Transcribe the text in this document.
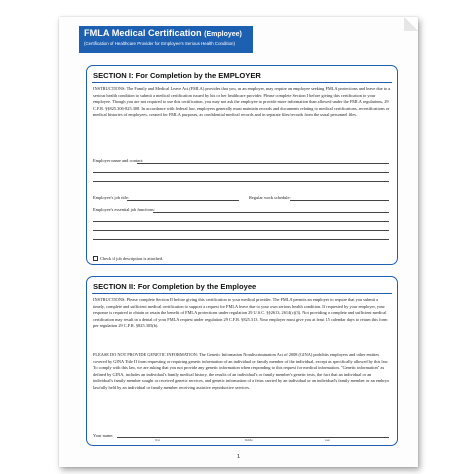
FMLA Medical Certification (Employee)
(Certification of Healthcare Provider for Employee's Serious Health Condition)
SECTION I: For Completion by the EMPLOYER
INSTRUCTIONS: The Family and Medical Leave Act (FMLA) provides that you, as an employer, may require an employee seeking FMLA protections and leave due to a serious health condition to submit a medical certification issued by his or her healthcare provider. Please complete Section I before giving this certification to your employee. Though you are not required to use this certification, you may not ask the employee to provide more information than allowed under the FMLA regulations, 29 C.F.R. §§825.306-825.308. In accordance with federal law, employers generally must maintain records and documents relating to medical certifications, recertifications or medical histories of employees, created for FMLA purposes, as confidential medical records and in separate files/records from the usual personnel files.
Employer name and contact:
Employee's job title:	Regular work schedule:
Employee's essential job functions:
Check if job description is attached.
SECTION II: For Completion by the Employee
INSTRUCTIONS: Please complete Section II before giving this certification to your medical provider. The FMLA permits an employer to require that you submit a timely, complete and sufficient medical certification to support a request for FMLA leave due to your own serious health condition. If requested by your employer, your response is required to obtain or retain the benefit of FMLA protections under regulation 29 U.S.C. §§2613, 2614(c)(3). Not providing a complete and sufficient medical certification may result in a denial of your FMLA request under regulation 29 C.F.R. §825.313. Your employer must give you at least 15 calendar days to return this form per regulation 29 C.F.R. §825.305(b).
PLEASE DO NOT PROVIDE GENETIC INFORMATION: The Genetic Information Nondiscrimination Act of 2008 (GINA) prohibits employers and other entities covered by GINA Title II from requesting or requiring genetic information of an individual or family member of the individual, except as specifically allowed by this law. To comply with this law, we are asking that you not provide any genetic information when responding to this request for medical information. "Genetic information" as defined by GINA, includes an individual's family medical history, the results of an individual's or family member's genetic tests, the fact that an individual or an individual's family member sought or received genetic services, and genetic information of a fetus carried by an individual or an individual's family member or an embryo lawfully held by an individual or family member receiving assistive reproductive services.
Your name:
First	Middle	Last
1
